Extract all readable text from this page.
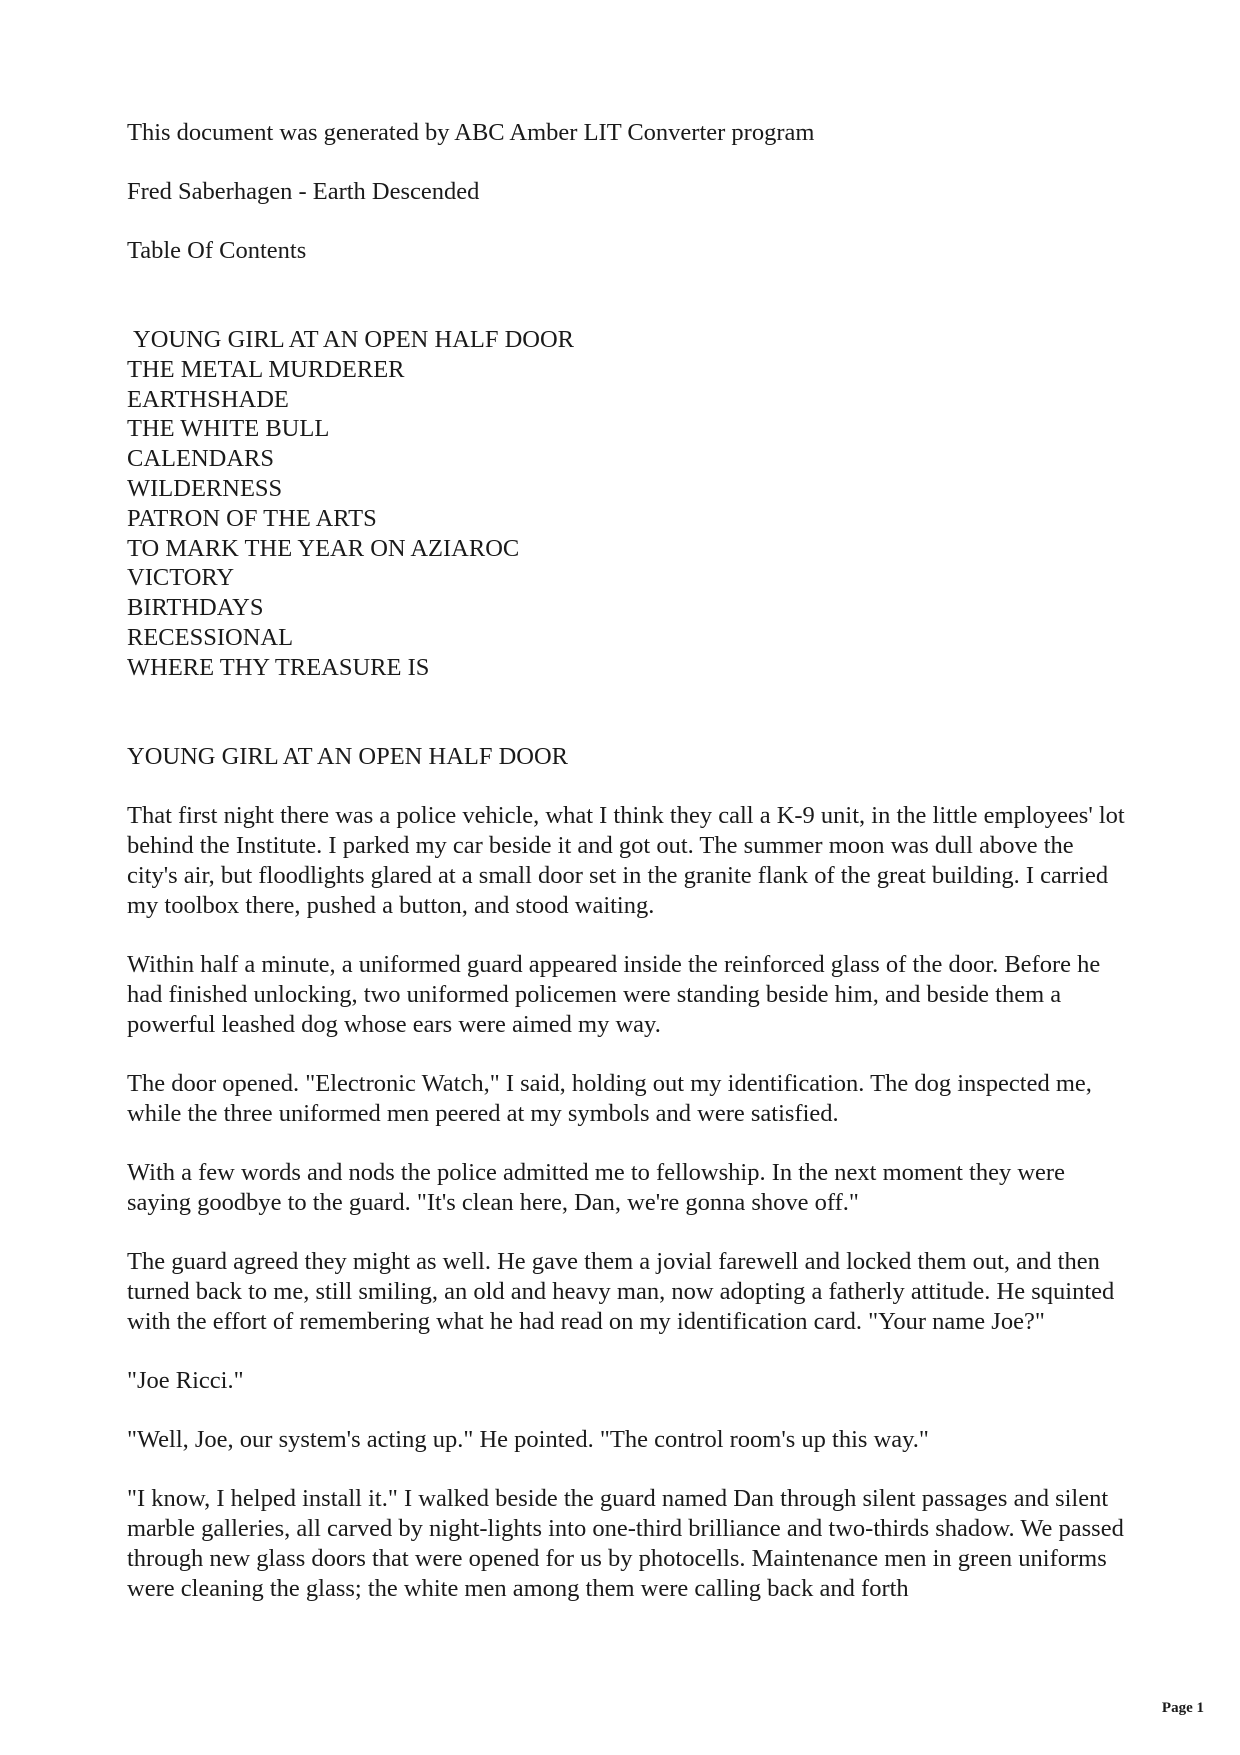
This document was generated by ABC Amber LIT Converter program

Fred Saberhagen - Earth Descended

Table Of Contents

YOUNG GIRL AT AN OPEN HALF DOOR
THE METAL MURDERER
EARTHSHADE
THE WHITE BULL
CALENDARS
WILDERNESS
PATRON OF THE ARTS
TO MARK THE YEAR ON AZIAROC
VICTORY
BIRTHDAYS
RECESSIONAL
WHERE THY TREASURE IS

YOUNG GIRL AT AN OPEN HALF DOOR

That first night there was a police vehicle, what I think they call a K-9 unit, in the little employees' lot behind the Institute. I parked my car beside it and got out. The summer moon was dull above the city's air, but floodlights glared at a small door set in the granite flank of the great building. I carried my toolbox there, pushed a button, and stood waiting.

Within half a minute, a uniformed guard appeared inside the reinforced glass of the door. Before he had finished unlocking, two uniformed policemen were standing beside him, and beside them a powerful leashed dog whose ears were aimed my way.

The door opened. "Electronic Watch," I said, holding out my identification. The dog inspected me, while the three uniformed men peered at my symbols and were satisfied.

With a few words and nods the police admitted me to fellowship. In the next moment they were saying goodbye to the guard. "It's clean here, Dan, we're gonna shove off."

The guard agreed they might as well. He gave them a jovial farewell and locked them out, and then turned back to me, still smiling, an old and heavy man, now adopting a fatherly attitude. He squinted with the effort of remembering what he had read on my identification card. "Your name Joe?"

"Joe Ricci."

"Well, Joe, our system's acting up." He pointed. "The control room's up this way."

"I know, I helped install it." I walked beside the guard named Dan through silent passages and silent marble galleries, all carved by night-lights into one-third brilliance and two-thirds shadow. We passed through new glass doors that were opened for us by photocells. Maintenance men in green uniforms were cleaning the glass; the white men among them were calling back and forth

Page 1
